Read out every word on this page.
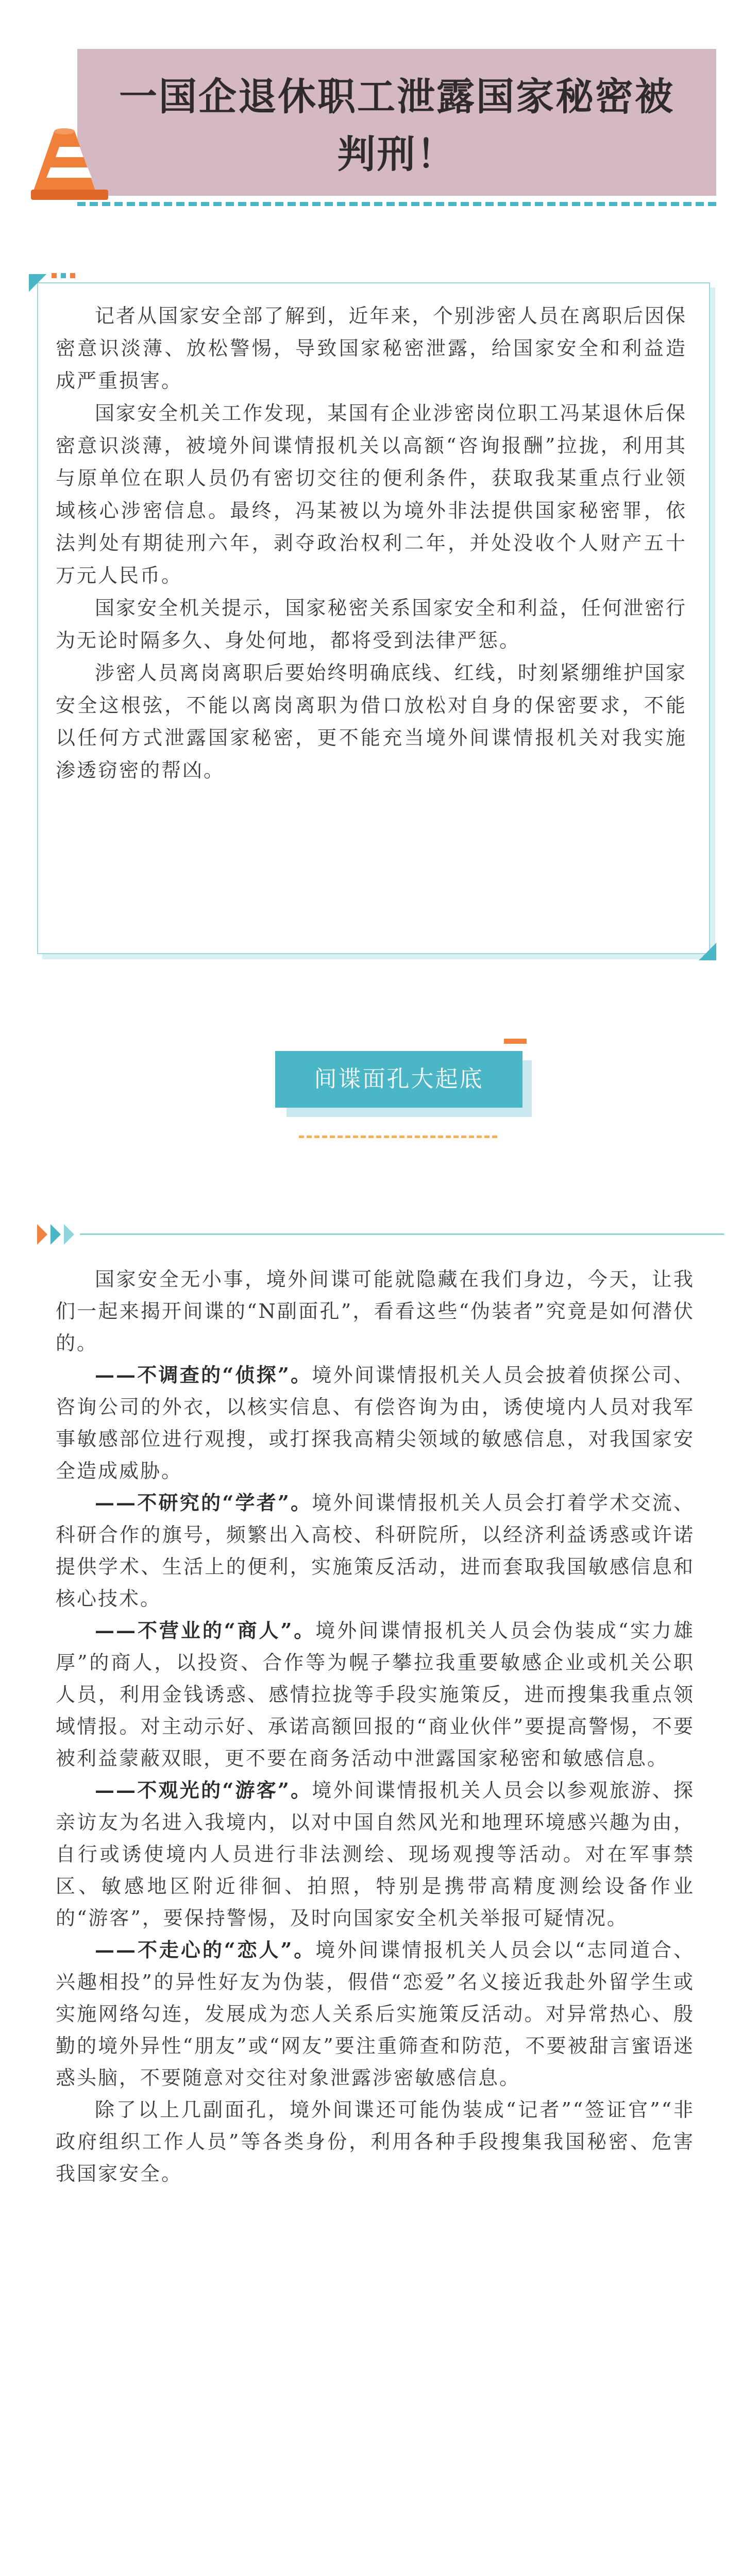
一国企退休职工泄露国家秘密被判刑！

记者从国家安全部了解到，近年来，个别涉密人员在离职后因保密意识淡薄、放松警惕，导致国家秘密泄露，给国家安全和利益造成严重损害。

国家安全机关工作发现，某国有企业涉密岗位职工冯某退休后保密意识淡薄，被境外间谍情报机关以高额“咨询报酬”拉拢，利用其与原单位在职人员仍有密切交往的便利条件，获取我某重点行业领域核心涉密信息。最终，冯某被以为境外非法提供国家秘密罪，依法判处有期徒刑六年，剥夺政治权利二年，并处没收个人财产五十万元人民币。

国家安全机关提示，国家秘密关系国家安全和利益，任何泄密行为无论时隔多久、身处何地，都将受到法律严惩。

涉密人员离岗离职后要始终明确底线、红线，时刻紧绷维护国家安全这根弦，不能以离岗离职为借口放松对自身的保密要求，不能以任何方式泄露国家秘密，更不能充当境外间谍情报机关对我实施渗透窃密的帮凶。

间谍面孔大起底

国家安全无小事，境外间谍可能就隐藏在我们身边，今天，让我们一起来揭开间谍的“N副面孔”，看看这些“伪装者”究竟是如何潜伏的。

——不调查的“侦探”。境外间谍情报机关人员会披着侦探公司、咨询公司的外衣，以核实信息、有偿咨询为由，诱使境内人员对我军事敏感部位进行观搜，或打探我高精尖领域的敏感信息，对我国家安全造成威胁。

——不研究的“学者”。境外间谍情报机关人员会打着学术交流、科研合作的旗号，频繁出入高校、科研院所，以经济利益诱惑或许诺提供学术、生活上的便利，实施策反活动，进而套取我国敏感信息和核心技术。

——不营业的“商人”。境外间谍情报机关人员会伪装成“实力雄厚”的商人，以投资、合作等为幌子攀拉我重要敏感企业或机关公职人员，利用金钱诱惑、感情拉拢等手段实施策反，进而搜集我重点领域情报。对主动示好、承诺高额回报的“商业伙伴”要提高警惕，不要被利益蒙蔽双眼，更不要在商务活动中泄露国家秘密和敏感信息。

——不观光的“游客”。境外间谍情报机关人员会以参观旅游、探亲访友为名进入我境内，以对中国自然风光和地理环境感兴趣为由，自行或诱使境内人员进行非法测绘、现场观搜等活动。对在军事禁区、敏感地区附近徘徊、拍照，特别是携带高精度测绘设备作业的“游客”，要保持警惕，及时向国家安全机关举报可疑情况。

——不走心的“恋人”。境外间谍情报机关人员会以“志同道合、兴趣相投”的异性好友为伪装，假借“恋爱”名义接近我赴外留学生或实施网络勾连，发展成为恋人关系后实施策反活动。对异常热心、殷勤的境外异性“朋友”或“网友”要注重筛查和防范，不要被甜言蜜语迷惑头脑，不要随意对交往对象泄露涉密敏感信息。

除了以上几副面孔，境外间谍还可能伪装成“记者”“签证官”“非政府组织工作人员”等各类身份，利用各种手段搜集我国秘密、危害我国家安全。
